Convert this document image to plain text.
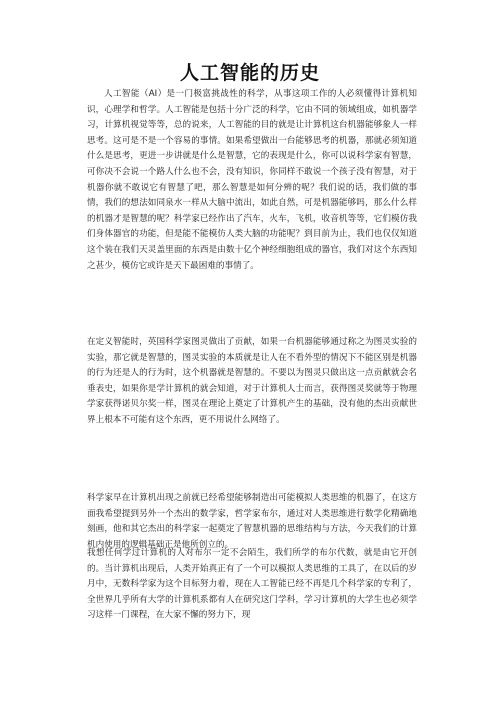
人工智能的历史

人工智能（AI）是一门极富挑战性的科学，从事这项工作的人必须懂得计算机知识，心理学和哲学。人工智能是包括十分广泛的科学，它由不同的领域组成，如机器学习，计算机视觉等等，总的说来，人工智能的目的就是让计算机这台机器能够象人一样思考。这可是不是一个容易的事情。如果希望做出一台能够思考的机器，那就必须知道什么是思考，更进一步讲就是什么是智慧，它的表现是什么，你可以说科学家有智慧，可你决不会说一个路人什么也不会，没有知识，你同样不敢说一个孩子没有智慧，对于机器你就不敢说它有智慧了吧，那么智慧是如何分辨的呢？我们说的话，我们做的事情，我们的想法如同泉水一样从大脑中流出，如此自然，可是机器能够吗，那么什么样的机器才是智慧的呢？科学家已经作出了汽车，火车，飞机，收音机等等，它们模仿我们身体器官的功能，但是能不能模仿人类大脑的功能呢？到目前为止，我们也仅仅知道这个装在我们天灵盖里面的东西是由数十亿个神经细胞组成的器官，我们对这个东西知之甚少，模仿它或许是天下最困难的事情了。

在定义智能时，英国科学家图灵做出了贡献，如果一台机器能够通过称之为图灵实验的实验，那它就是智慧的，图灵实验的本质就是让人在不看外型的情况下不能区别是机器的行为还是人的行为时，这个机器就是智慧的。不要以为图灵只做出这一点贡献就会名垂表史，如果你是学计算机的就会知道，对于计算机人士而言，获得图灵奖就等于物理学家获得诺贝尔奖一样，图灵在理论上奠定了计算机产生的基础，没有他的杰出贡献世界上根本不可能有这个东西，更不用说什么网络了。

科学家早在计算机出现之前就已经希望能够制造出可能模拟人类思维的机器了，在这方面我希望提到另外一个杰出的数学家，哲学家布尔，通过对人类思维进行数学化精确地刻画，他和其它杰出的科学家一起奠定了智慧机器的思维结构与方法，今天我们的计算机内使用的逻辑基础正是他所创立的。

我想任何学过计算机的人对布尔一定不会陌生，我们所学的布尔代数，就是由它开创的。当计算机出现后，人类开始真正有了一个可以模拟人类思维的工具了，在以后的岁月中，无数科学家为这个目标努力着，现在人工智能已经不再是几个科学家的专利了，全世界几乎所有大学的计算机系都有人在研究这门学科，学习计算机的大学生也必须学习这样一门课程，在大家不懈的努力下，现
